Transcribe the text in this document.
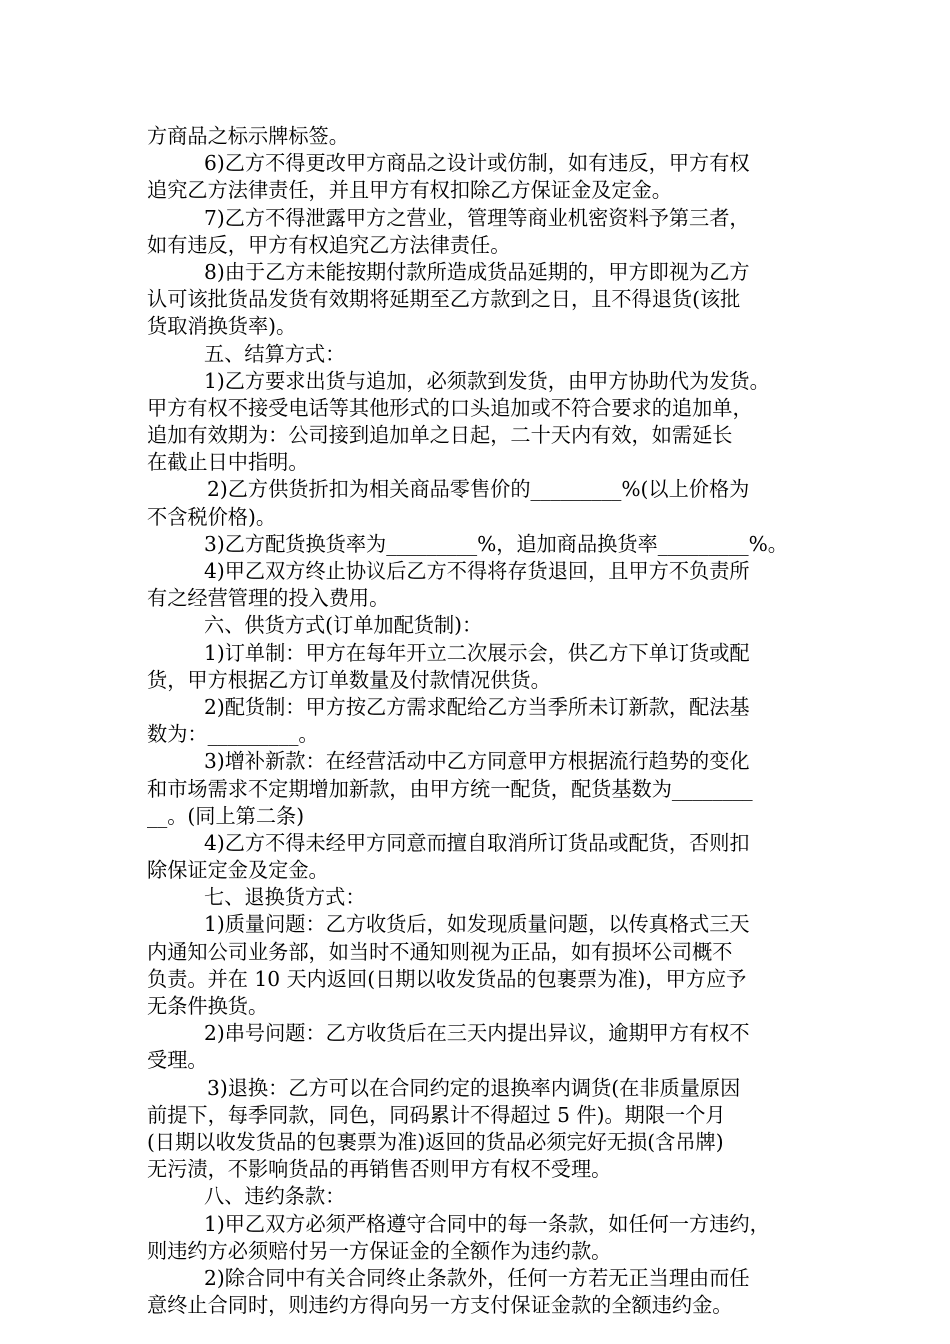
方商品之标示牌标签。
6)乙方不得更改甲方商品之设计或仿制，如有违反，甲方有权
追究乙方法律责任，并且甲方有权扣除乙方保证金及定金。
7)乙方不得泄露甲方之营业，管理等商业机密资料予第三者，
如有违反，甲方有权追究乙方法律责任。
8)由于乙方未能按期付款所造成货品延期的，甲方即视为乙方
认可该批货品发货有效期将延期至乙方款到之日，且不得退货(该批
货取消换货率)。
五、结算方式：
1)乙方要求出货与追加，必须款到发货，由甲方协助代为发货。
甲方有权不接受电话等其他形式的口头追加或不符合要求的追加单，
追加有效期为：公司接到追加单之日起，二十天内有效，如需延长
在截止日中指明。
2)乙方供货折扣为相关商品零售价的_________%(以上价格为
不含税价格)。
3)乙方配货换货率为_________%，追加商品换货率_________%。
4)甲乙双方终止协议后乙方不得将存货退回，且甲方不负责所
有之经营管理的投入费用。
六、供货方式(订单加配货制)：
1)订单制：甲方在每年开立二次展示会，供乙方下单订货或配
货，甲方根据乙方订单数量及付款情况供货。
2)配货制：甲方按乙方需求配给乙方当季所未订新款，配法基
数为：_________。
3)增补新款：在经营活动中乙方同意甲方根据流行趋势的变化
和市场需求不定期增加新款，由甲方统一配货，配货基数为________
__。(同上第二条)
4)乙方不得未经甲方同意而擅自取消所订货品或配货，否则扣
除保证定金及定金。
七、退换货方式：
1)质量问题：乙方收货后，如发现质量问题，以传真格式三天
内通知公司业务部，如当时不通知则视为正品，如有损坏公司概不
负责。并在 10 天内返回(日期以收发货品的包裹票为准)，甲方应予
无条件换货。
2)串号问题：乙方收货后在三天内提出异议，逾期甲方有权不
受理。
3)退换：乙方可以在合同约定的退换率内调货(在非质量原因
前提下，每季同款，同色，同码累计不得超过 5 件)。期限一个月
(日期以收发货品的包裹票为准)返回的货品必须完好无损(含吊牌)
无污渍，不影响货品的再销售否则甲方有权不受理。
八、违约条款：
1)甲乙双方必须严格遵守合同中的每一条款，如任何一方违约，
则违约方必须赔付另一方保证金的全额作为违约款。
2)除合同中有关合同终止条款外，任何一方若无正当理由而任
意终止合同时，则违约方得向另一方支付保证金款的全额违约金。
